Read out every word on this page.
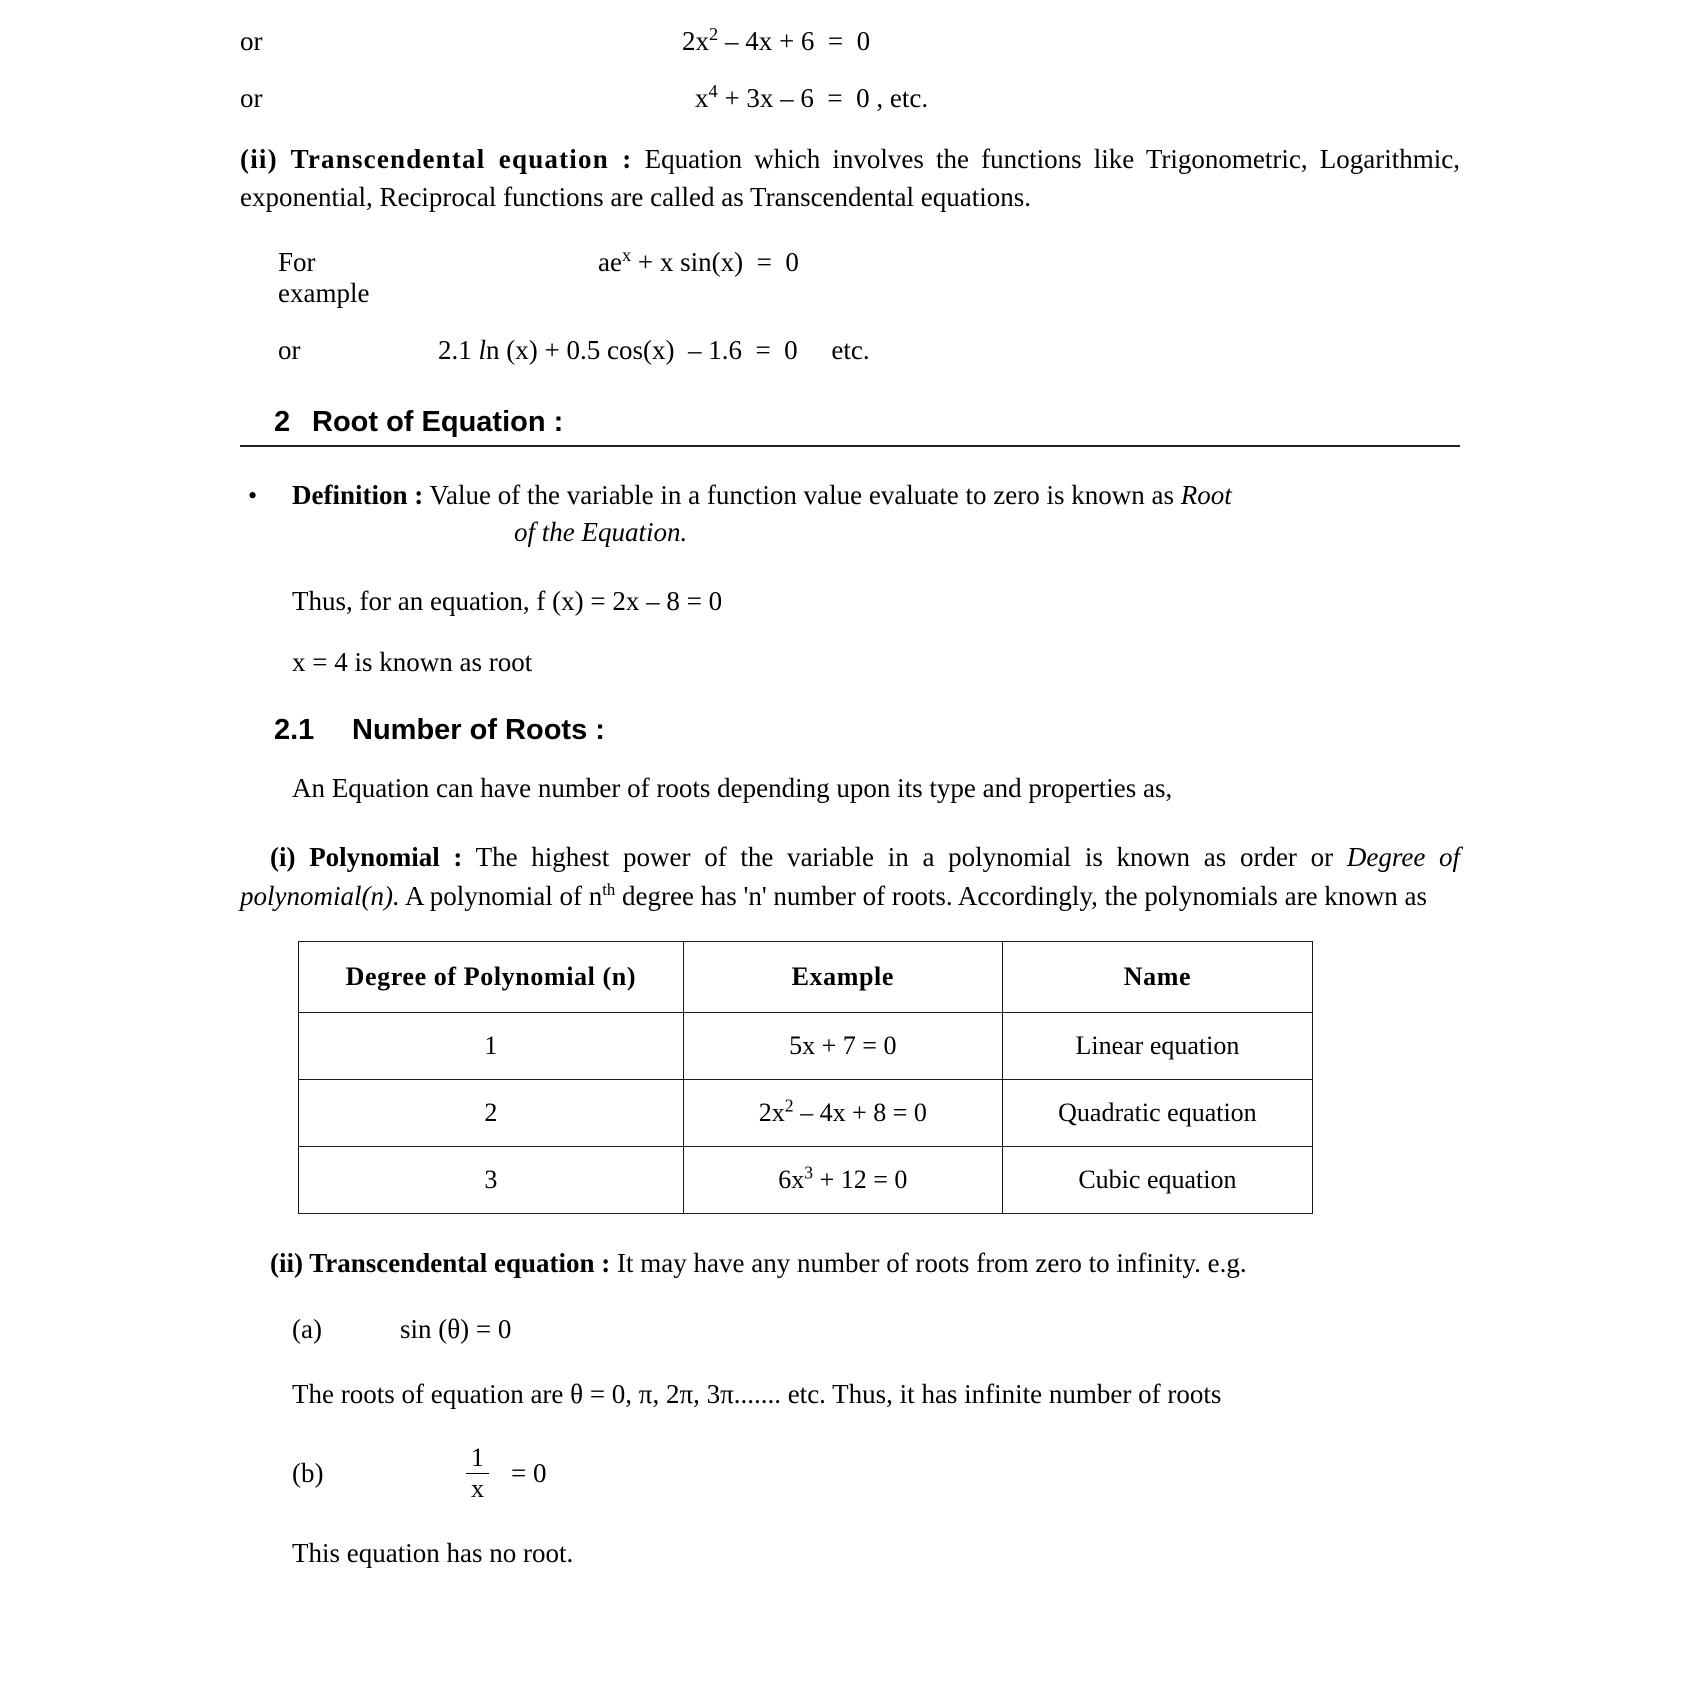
or	$2x^2 - 4x + 6 = 0$
or	$x^4 + 3x - 6 = 0$ , etc.

(ii) Transcendental equation : Equation which involves the functions like Trigonometric, Logarithmic, exponential, Reciprocal functions are called as Transcendental equations.

For example
$ae^x + x$ sin(x)  =  0
or	2.1 ln (x) + 0.5 cos(x)  – 1.6  =  0     etc.
2 Root of Equation :
•	Definition : Value of the variable in a function value evaluate to zero is known as Root
of the Equation.
Thus, for an equation, f (x) = 2x – 8 = 0
x = 4 is known as root
2.1	Number of Roots :
An Equation can have number of roots depending upon its type and properties as,

(i) Polynomial : The highest power of the variable in a polynomial is known as order or Degree of polynomial(n). A polynomial of $n^{th}$ degree has 'n' number of roots. Accordingly, the polynomials are known as

Degree of Polynomial (n)	Example	Name
1	5x + 7 = 0	Linear equation
2	$2x^2 - 4x + 8 = 0$	Quadratic equation
3	$6x^3 + 12 = 0$	Cubic equation

(ii) Transcendental equation : It may have any number of roots from zero to infinity. e.g.

(a)	sin (θ) = 0
The roots of equation are θ = 0, π, 2π, 3π....... etc. Thus, it has infinite number of roots
(b)	$\frac{1}{x} = 0$
This equation has no root.
